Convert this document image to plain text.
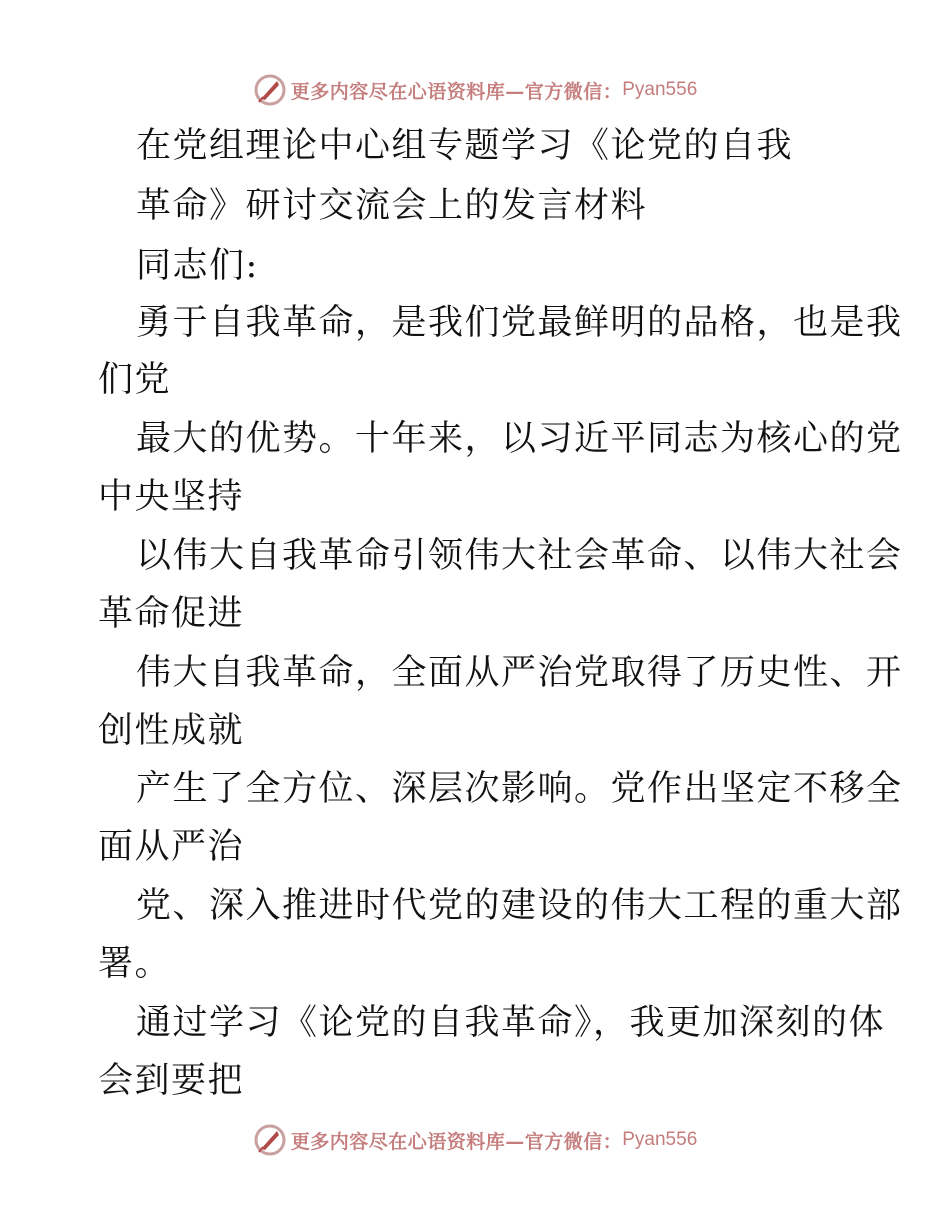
更多内容尽在心语资料库—官方微信： Pyan556
在党组理论中心组专题学习《论党的自我
革命》研讨交流会上的发言材料
同志们:
勇于自我革命，是我们党最鲜明的品格，也是我
们党
最大的优势。十年来，以习近平同志为核心的党
中央坚持
以伟大自我革命引领伟大社会革命、以伟大社会
革命促进
伟大自我革命，全面从严治党取得了历史性、开
创性成就
产生了全方位、深层次影响。党作出坚定不移全
面从严治
党、深入推进时代党的建设的伟大工程的重大部
署。
通过学习《论党的自我革命》，我更加深刻的体
会到要把
更多内容尽在心语资料库—官方微信： Pyan556
